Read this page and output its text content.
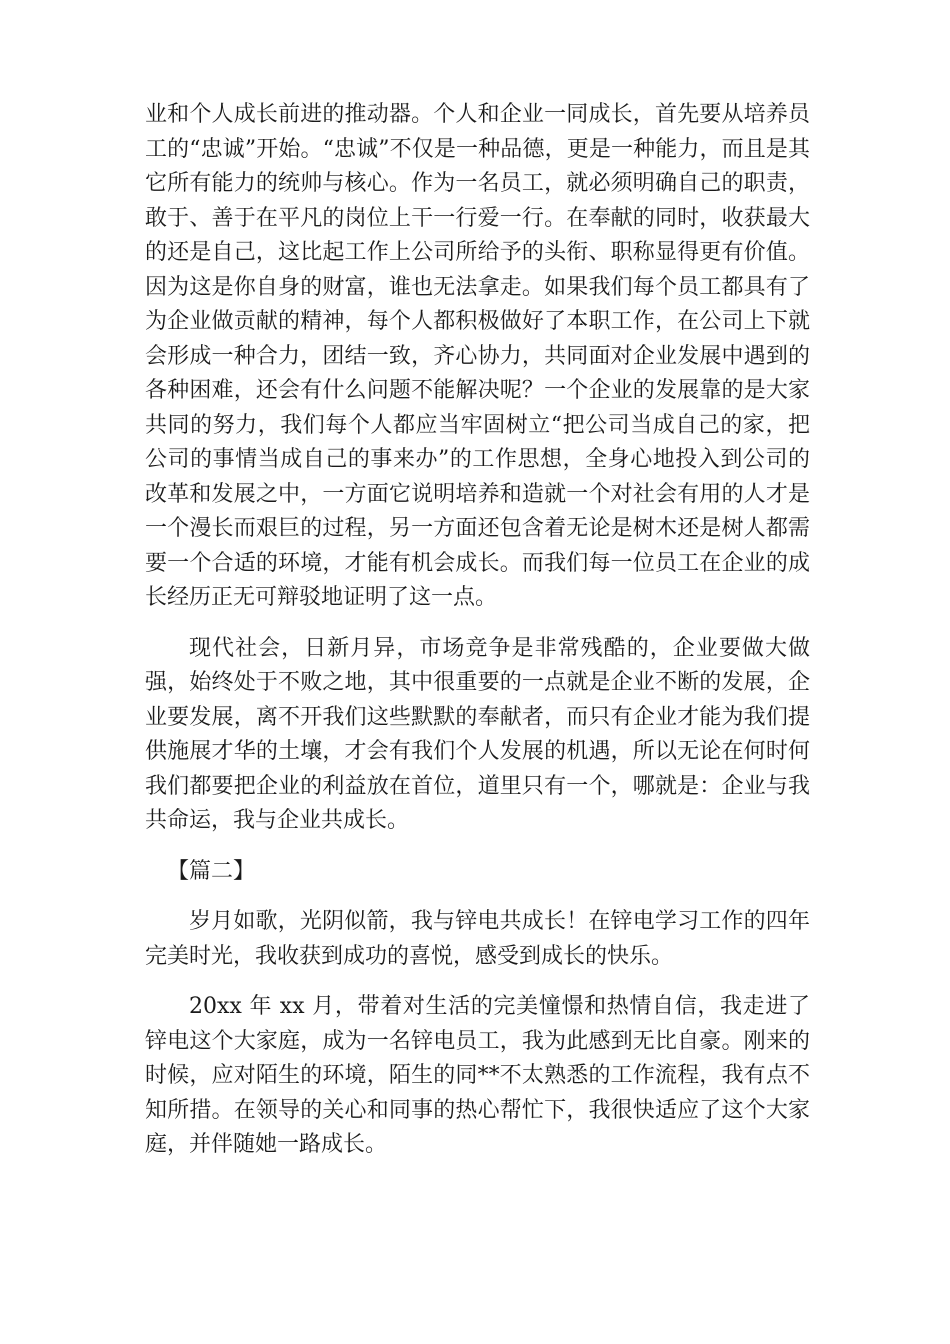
业和个人成长前进的推动器。个人和企业一同成长，首先要从培养员工的“忠诚”开始。“忠诚”不仅是一种品德，更是一种能力，而且是其它所有能力的统帅与核心。作为一名员工，就必须明确自己的职责，敢于、善于在平凡的岗位上干一行爱一行。在奉献的同时，收获最大的还是自己，这比起工作上公司所给予的头衔、职称显得更有价值。因为这是你自身的财富，谁也无法拿走。如果我们每个员工都具有了为企业做贡献的精神，每个人都积极做好了本职工作，在公司上下就会形成一种合力，团结一致，齐心协力，共同面对企业发展中遇到的各种困难，还会有什么问题不能解决呢？一个企业的发展靠的是大家共同的努力，我们每个人都应当牢固树立“把公司当成自己的家，把公司的事情当成自己的事来办”的工作思想，全身心地投入到公司的改革和发展之中，一方面它说明培养和造就一个对社会有用的人才是一个漫长而艰巨的过程，另一方面还包含着无论是树木还是树人都需要一个合适的环境，才能有机会成长。而我们每一位员工在企业的成长经历正无可辩驳地证明了这一点。

现代社会，日新月异，市场竞争是非常残酷的，企业要做大做强，始终处于不败之地，其中很重要的一点就是企业不断的发展，企业要发展，离不开我们这些默默的奉献者，而只有企业才能为我们提供施展才华的土壤，才会有我们个人发展的机遇，所以无论在何时何我们都要把企业的利益放在首位，道里只有一个，哪就是：企业与我共命运，我与企业共成长。

【篇二】

岁月如歌，光阴似箭，我与锌电共成长！在锌电学习工作的四年完美时光，我收获到成功的喜悦，感受到成长的快乐。

20xx 年 xx 月，带着对生活的完美憧憬和热情自信，我走进了锌电这个大家庭，成为一名锌电员工，我为此感到无比自豪。刚来的时候，应对陌生的环境，陌生的同**不太熟悉的工作流程，我有点不知所措。在领导的关心和同事的热心帮忙下，我很快适应了这个大家庭，并伴随她一路成长。
